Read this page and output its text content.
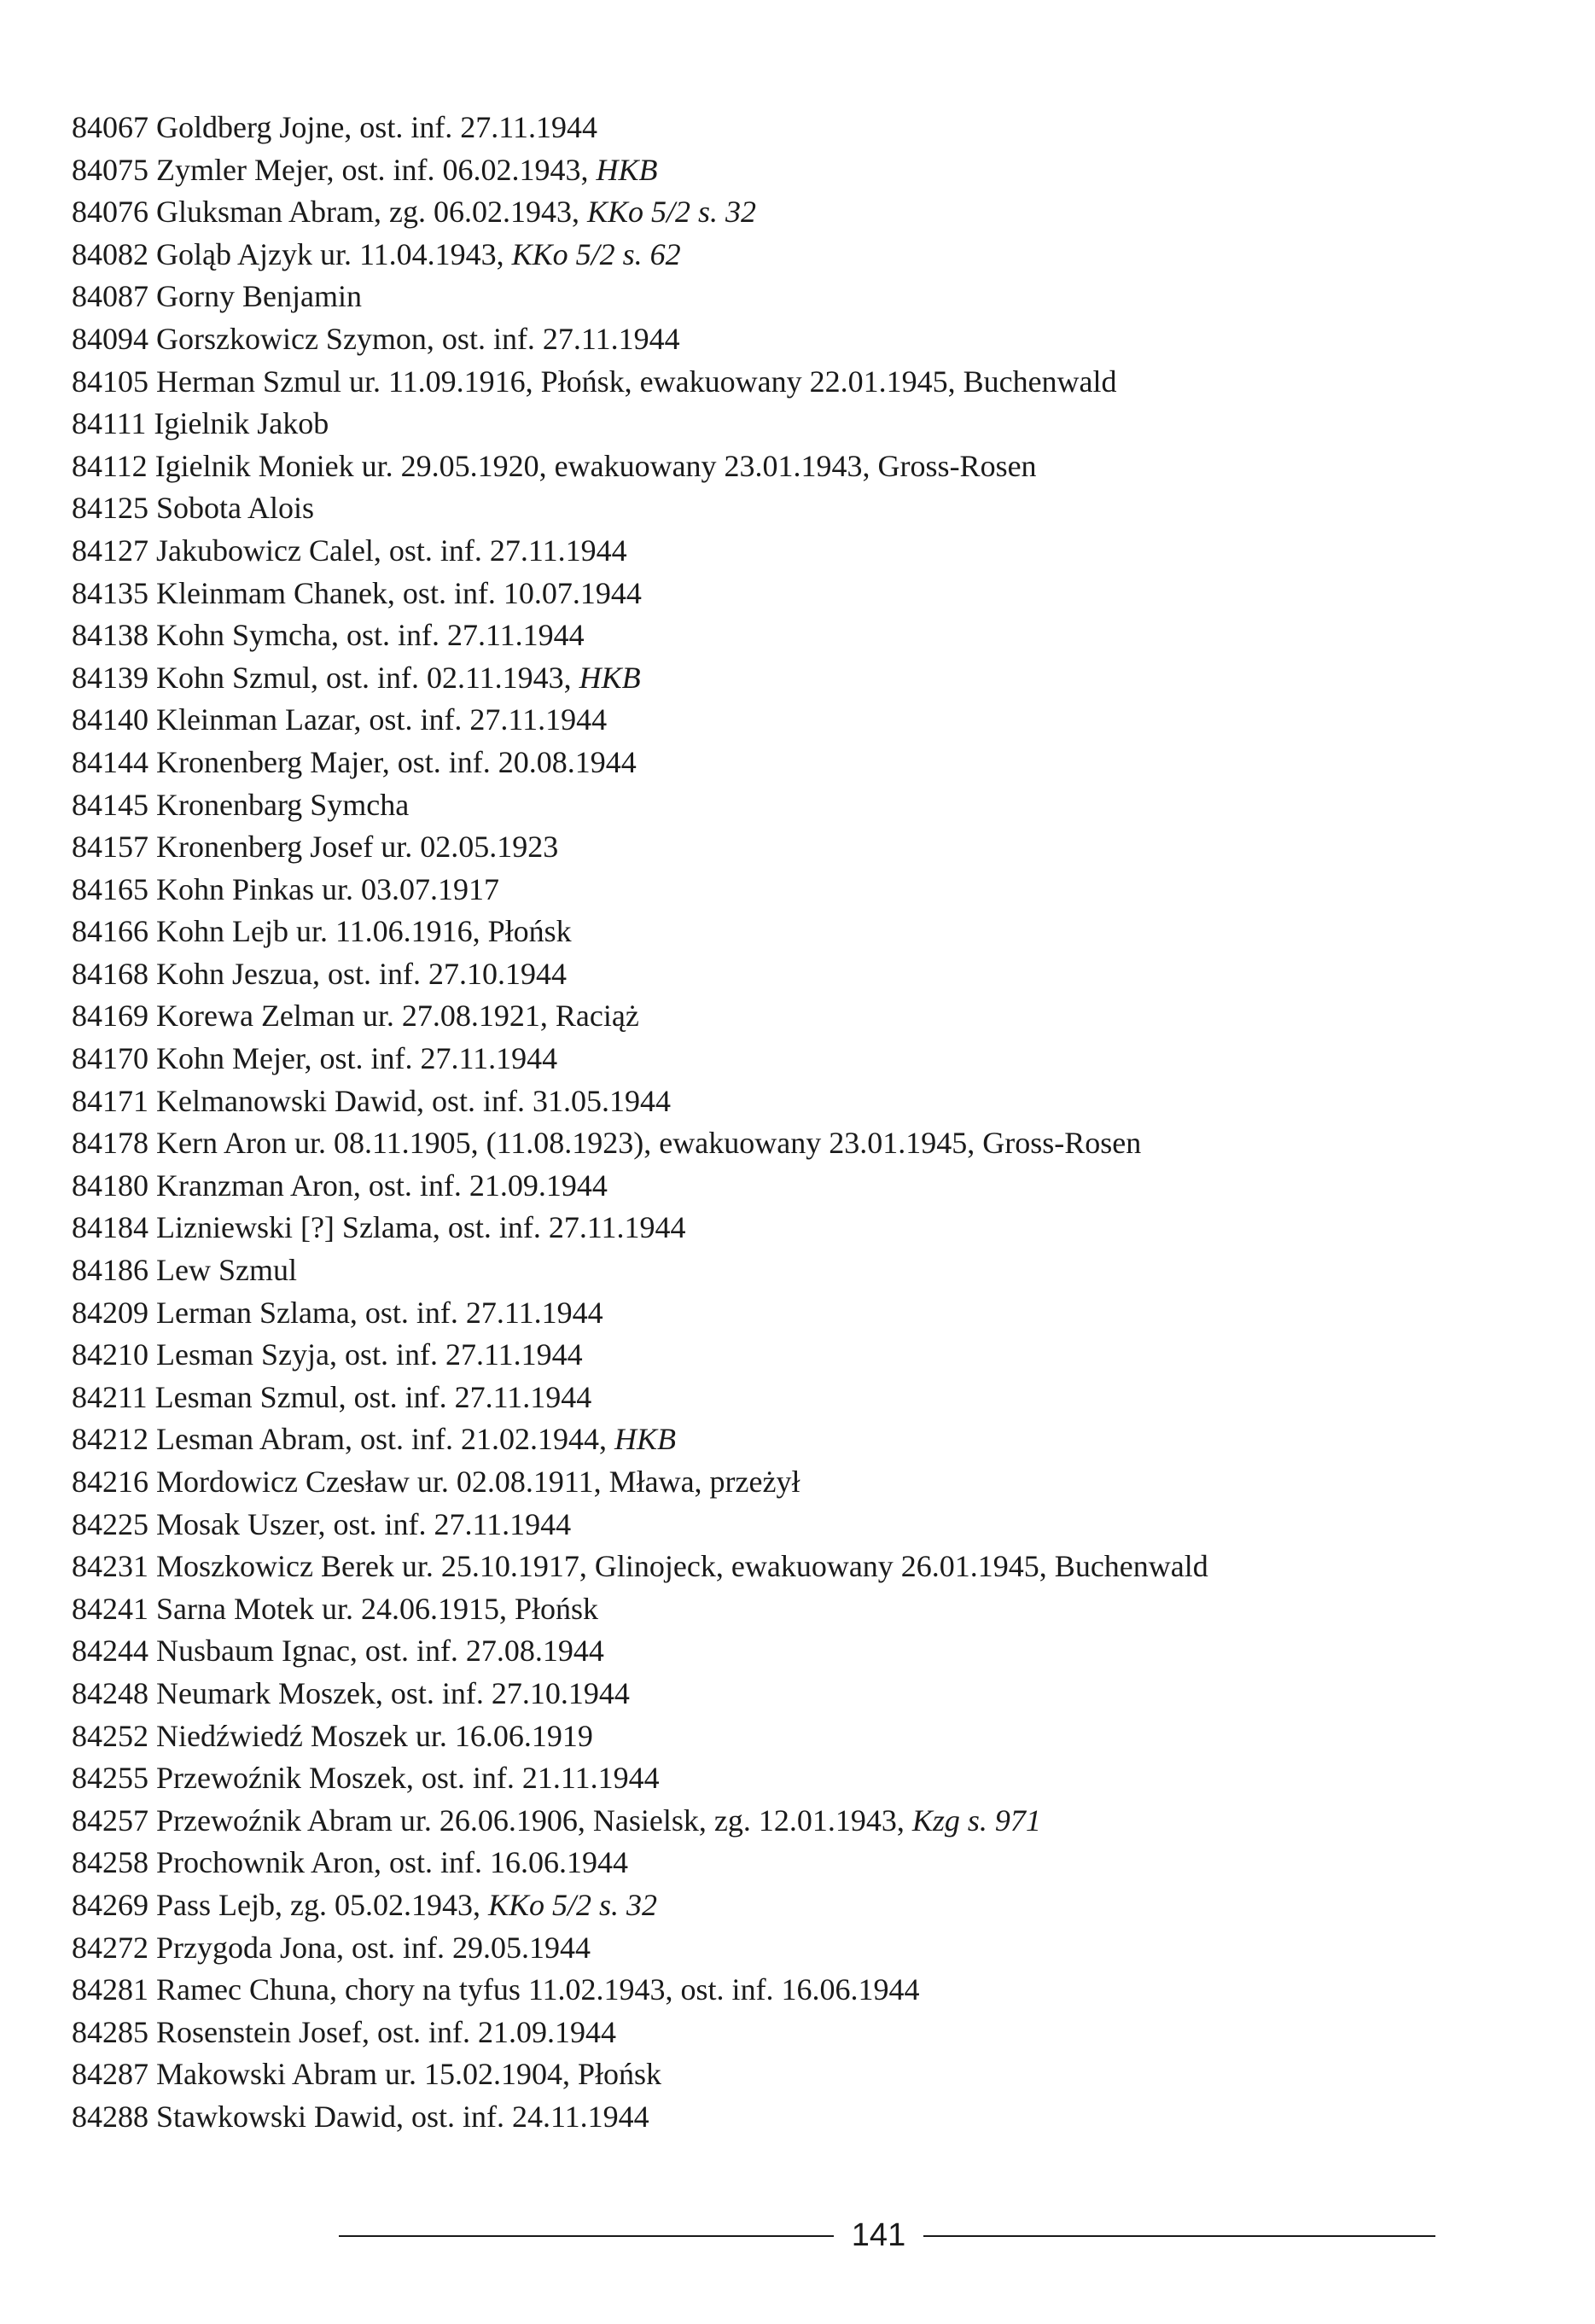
84067 Goldberg Jojne, ost. inf. 27.11.1944
84075 Zymler Mejer, ost. inf. 06.02.1943, HKB
84076 Gluksman Abram, zg. 06.02.1943, KKo 5/2 s. 32
84082 Goląb Ajzyk ur. 11.04.1943, KKo 5/2 s. 62
84087 Gorny Benjamin
84094 Gorszkowicz Szymon, ost. inf. 27.11.1944
84105 Herman Szmul ur. 11.09.1916, Płońsk, ewakuowany 22.01.1945, Buchenwald
84111 Igielnik Jakob
84112 Igielnik Moniek ur. 29.05.1920, ewakuowany 23.01.1943, Gross-Rosen
84125 Sobota Alois
84127 Jakubowicz Calel, ost. inf. 27.11.1944
84135 Kleinmam Chanek, ost. inf. 10.07.1944
84138 Kohn Symcha, ost. inf. 27.11.1944
84139 Kohn Szmul, ost. inf. 02.11.1943, HKB
84140 Kleinman Lazar, ost. inf. 27.11.1944
84144 Kronenberg Majer, ost. inf. 20.08.1944
84145 Kronenbarg Symcha
84157 Kronenberg Josef ur. 02.05.1923
84165 Kohn Pinkas ur. 03.07.1917
84166 Kohn Lejb ur. 11.06.1916, Płońsk
84168 Kohn Jeszua, ost. inf. 27.10.1944
84169 Korewa Zelman ur. 27.08.1921, Raciąż
84170 Kohn Mejer, ost. inf. 27.11.1944
84171 Kelmanowski Dawid, ost. inf. 31.05.1944
84178 Kern Aron ur. 08.11.1905, (11.08.1923), ewakuowany 23.01.1945, Gross-Rosen
84180 Kranzman Aron, ost. inf. 21.09.1944
84184 Lizniewski [?] Szlama, ost. inf. 27.11.1944
84186 Lew Szmul
84209 Lerman Szlama, ost. inf. 27.11.1944
84210 Lesman Szyja, ost. inf. 27.11.1944
84211 Lesman Szmul, ost. inf. 27.11.1944
84212 Lesman Abram, ost. inf. 21.02.1944, HKB
84216 Mordowicz Czesław ur. 02.08.1911, Mława, przeżył
84225 Mosak Uszer, ost. inf. 27.11.1944
84231 Moszkowicz Berek ur. 25.10.1917, Glinojeck, ewakuowany 26.01.1945, Buchenwald
84241 Sarna Motek ur. 24.06.1915, Płońsk
84244 Nusbaum Ignac, ost. inf. 27.08.1944
84248 Neumark Moszek, ost. inf. 27.10.1944
84252 Niedźwiedź Moszek ur. 16.06.1919
84255 Przewoźnik Moszek, ost. inf. 21.11.1944
84257 Przewoźnik Abram ur. 26.06.1906, Nasielsk, zg. 12.01.1943, Kzg s. 971
84258 Prochownik Aron, ost. inf. 16.06.1944
84269 Pass Lejb, zg. 05.02.1943, KKo 5/2 s. 32
84272 Przygoda Jona, ost. inf. 29.05.1944
84281 Ramec Chuna, chory na tyfus 11.02.1943, ost. inf. 16.06.1944
84285 Rosenstein Josef, ost. inf. 21.09.1944
84287 Makowski Abram ur. 15.02.1904, Płońsk
84288 Stawkowski Dawid, ost. inf. 24.11.1944
141
